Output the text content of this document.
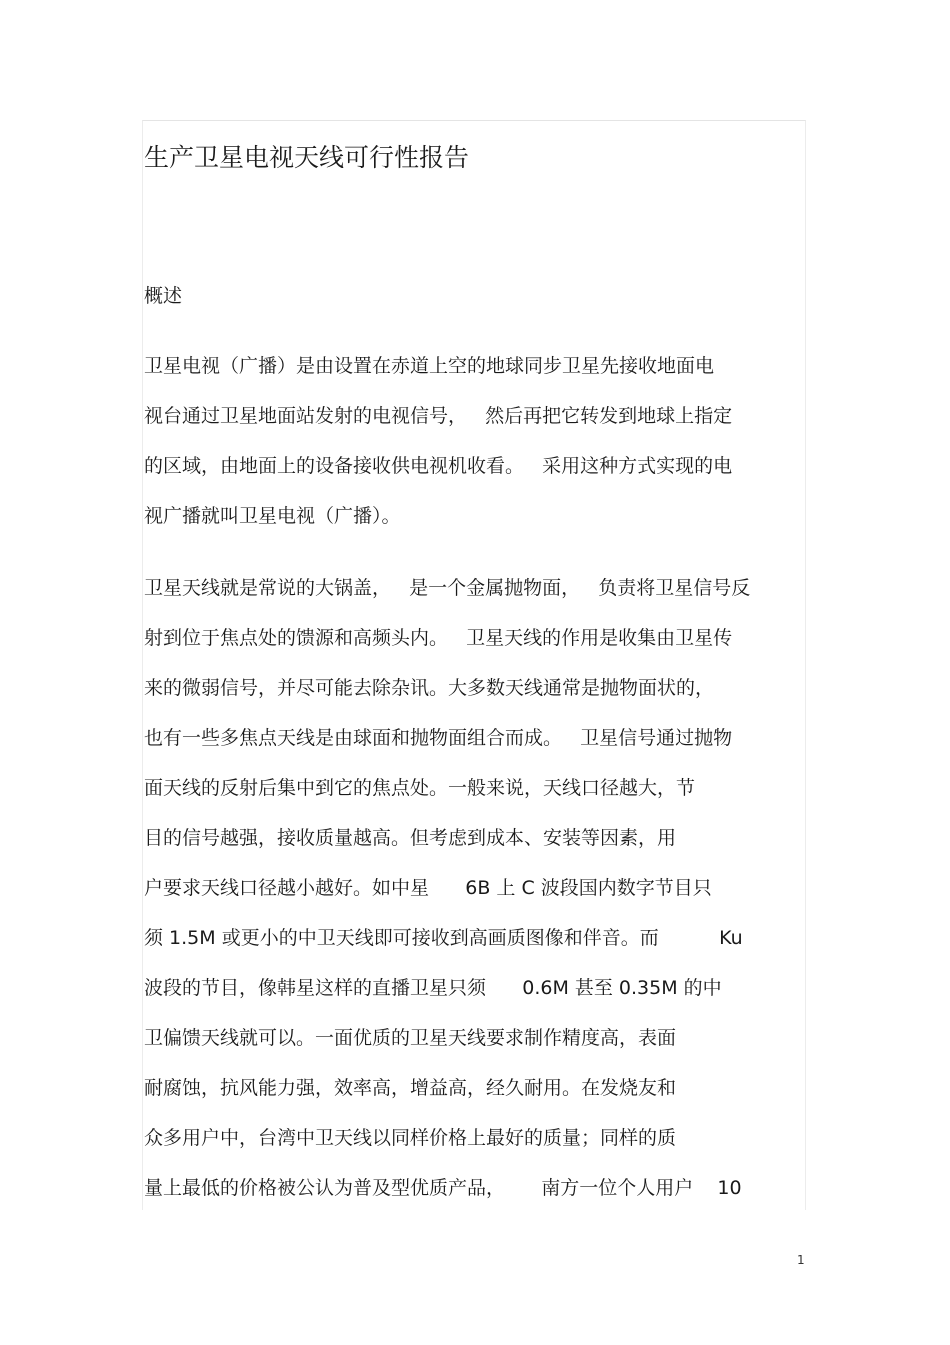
生产卫星电视天线可行性报告
概述
卫星电视（广播）是由设置在赤道上空的地球同步卫星先接收地面电
视台通过卫星地面站发射的电视信号，   然后再把它转发到地球上指定
的区域，由地面上的设备接收供电视机收看。   采用这种方式实现的电
视广播就叫卫星电视（广播）。
卫星天线就是常说的大锅盖，   是一个金属抛物面，   负责将卫星信号反
射到位于焦点处的馈源和高频头内。   卫星天线的作用是收集由卫星传
来的微弱信号，并尽可能去除杂讯。大多数天线通常是抛物面状的，
也有一些多焦点天线是由球面和抛物面组合而成。   卫星信号通过抛物
面天线的反射后集中到它的焦点处。一般来说，天线口径越大，节
目的信号越强，接收质量越高。但考虑到成本、安装等因素，用
户要求天线口径越小越好。如中星      6B 上 C 波段国内数字节目只
须 1.5M 或更小的中卫天线即可接收到高画质图像和伴音。而          Ku
波段的节目，像韩星这样的直播卫星只须      0.6M 甚至 0.35M 的中
卫偏馈天线就可以。一面优质的卫星天线要求制作精度高，表面
耐腐蚀，抗风能力强，效率高，增益高，经久耐用。在发烧友和
众多用户中，台湾中卫天线以同样价格上最好的质量；同样的质
量上最低的价格被公认为普及型优质产品，      南方一位个人用户    10
1
